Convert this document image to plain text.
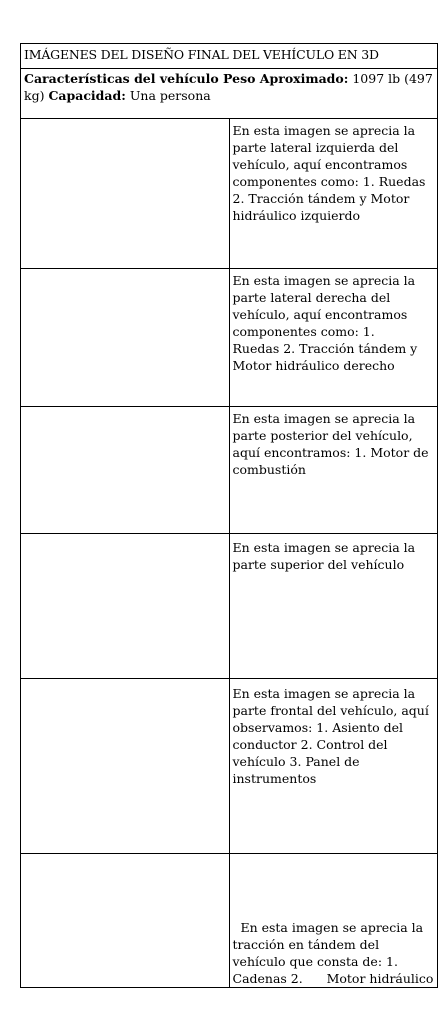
IMÁGENES DEL DISEÑO FINAL DEL VEHÍCULO EN 3D	
Características del vehículo Peso Aproximado: 1097 lb (497 kg) Capacidad: Una persona	
	En esta imagen se aprecia la parte lateral izquierda del vehículo, aquí encontramos componentes como: 1. Ruedas 2. Tracción tándem y Motor hidráulico izquierdo
	En esta imagen se aprecia la parte lateral derecha del vehículo, aquí encontramos componentes como: 1.      Ruedas 2. Tracción tándem y Motor hidráulico derecho
	En esta imagen se aprecia la parte posterior del vehículo, aquí encontramos: 1. Motor de combustión
	En esta imagen se aprecia la parte superior del vehículo
	En esta imagen se aprecia la parte frontal del vehículo, aquí observamos: 1. Asiento del conductor 2. Control del vehículo 3. Panel de instrumentos
	En esta imagen se aprecia la tracción en tándem del vehículo que consta de: 1.      Cadenas 2.      Motor hidráulico
